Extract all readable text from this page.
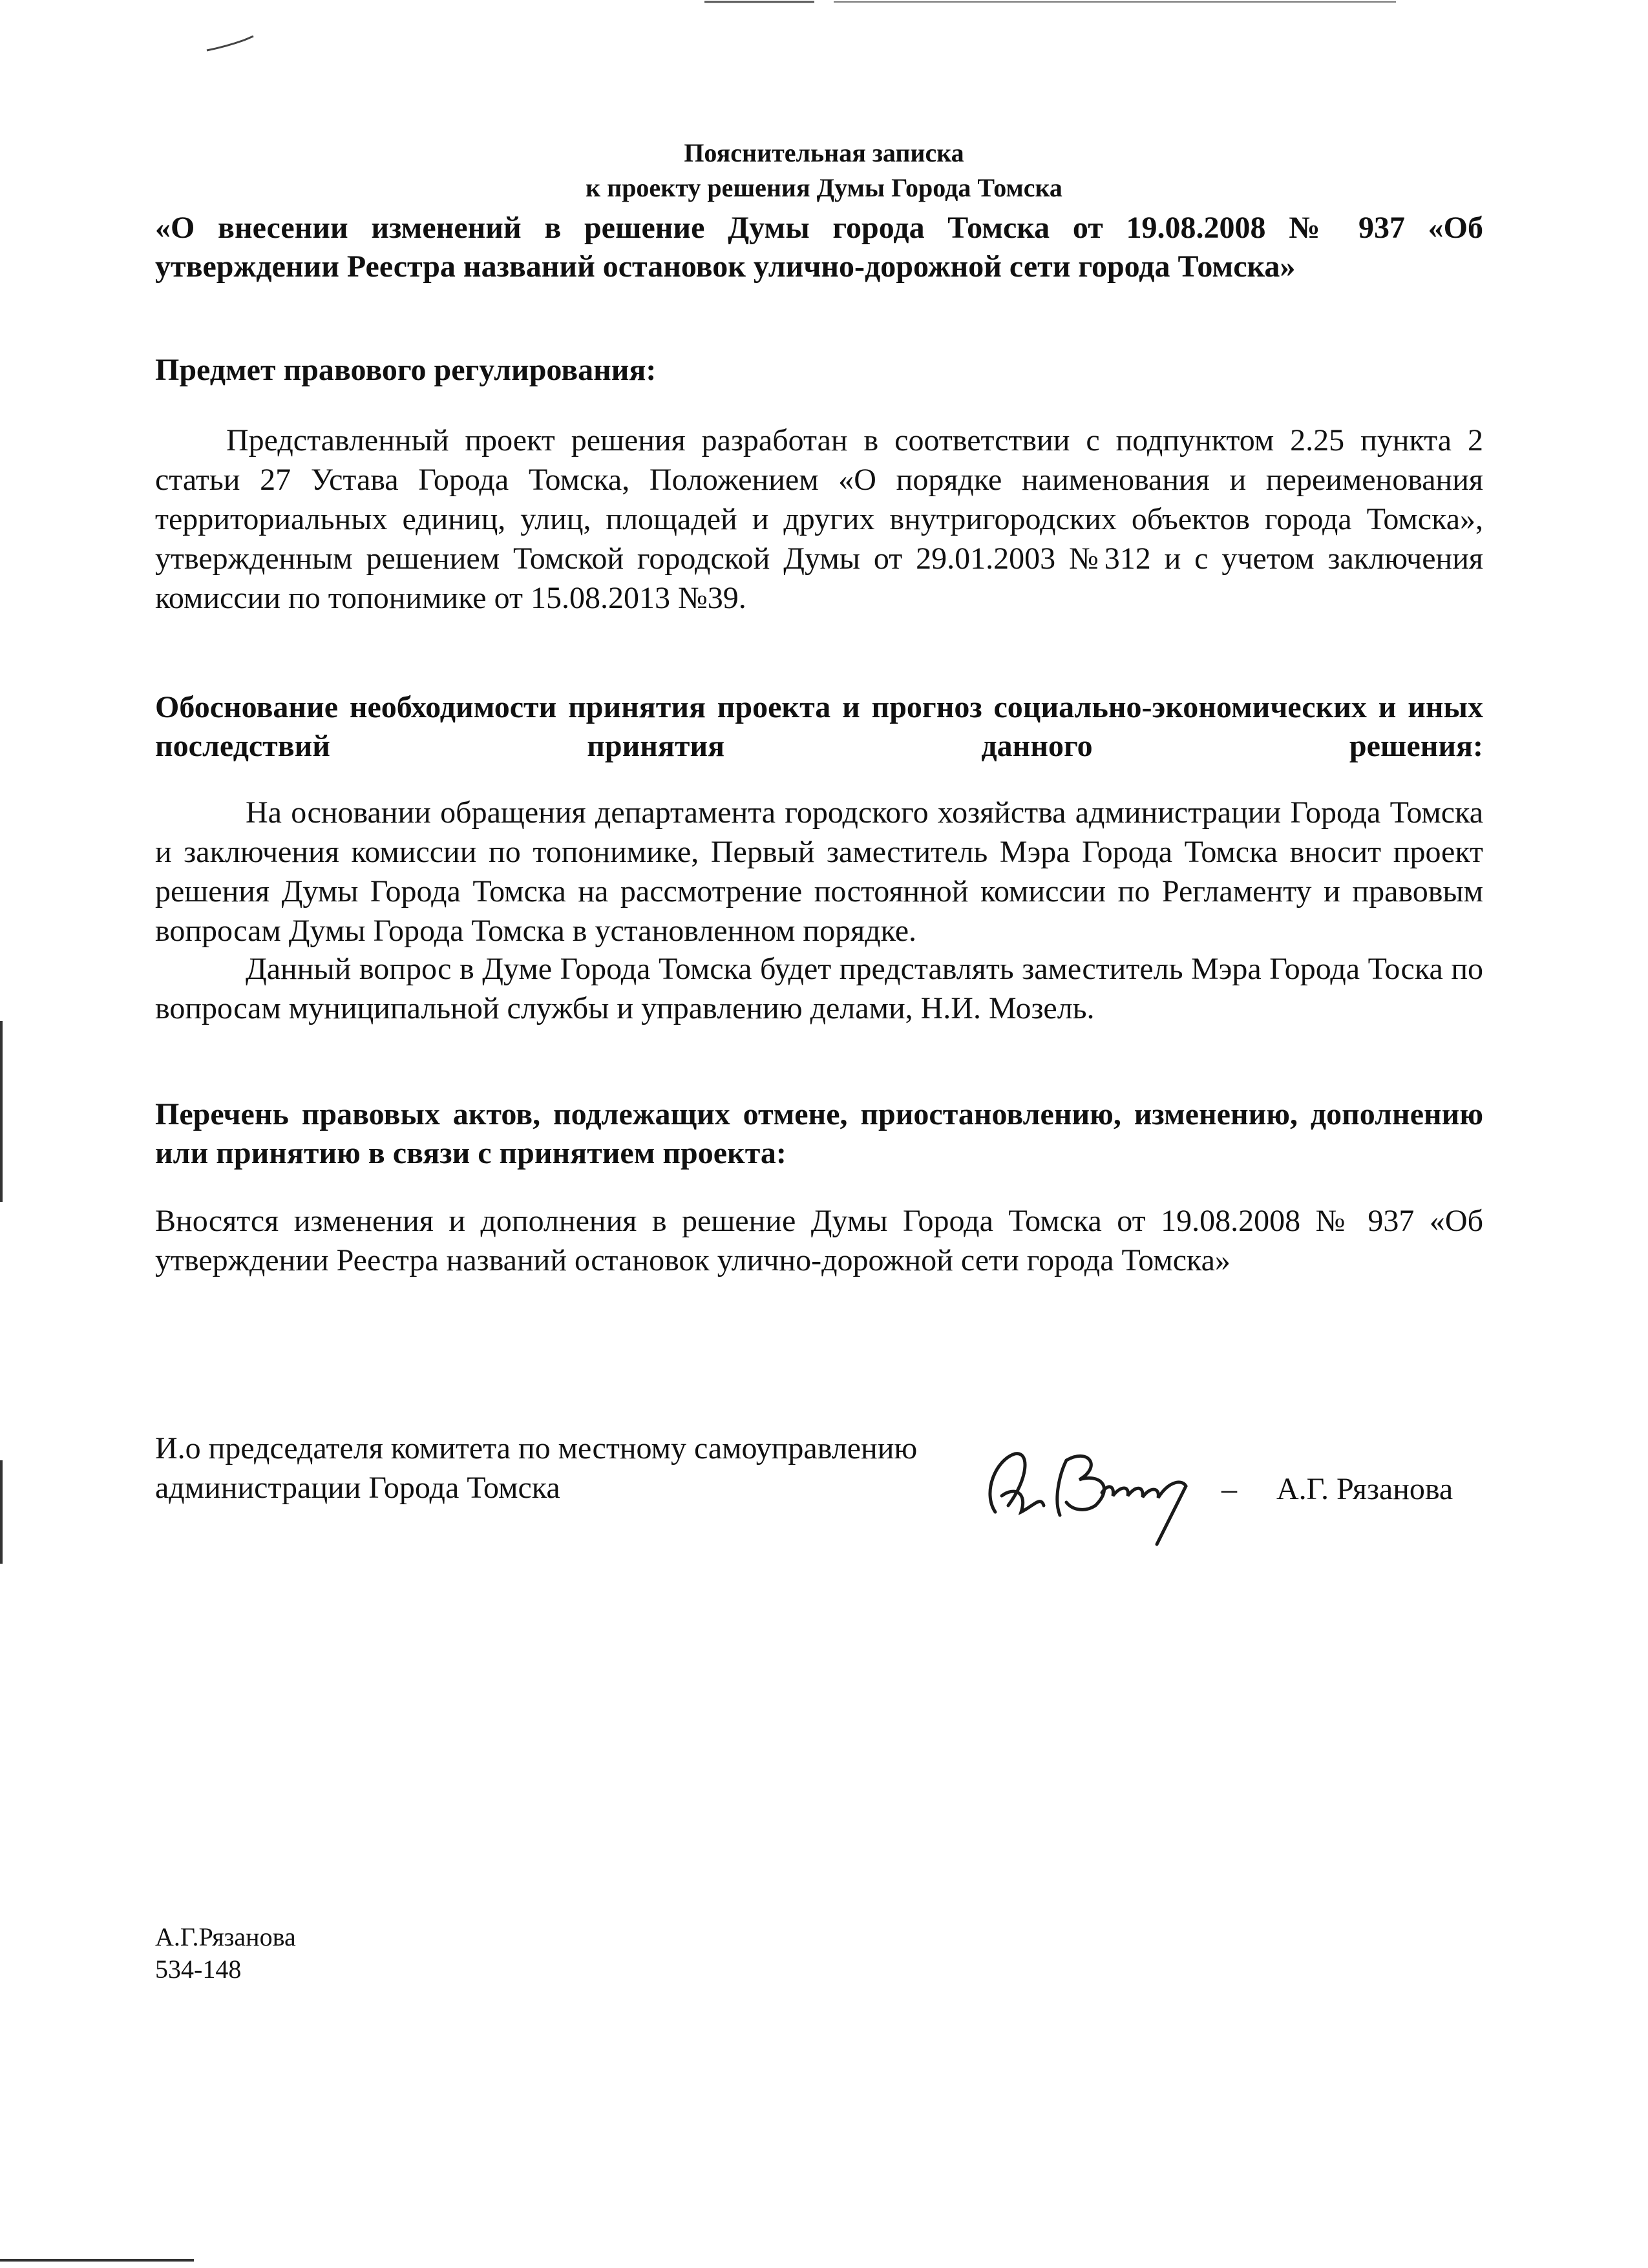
Пояснительная записка
к проекту решения Думы Города Томска
«О внесении изменений в решение Думы города Томска от 19.08.2008 № 937 «Об
утверждении Реестра названий остановок улично-дорожной сети города Томска»
Предмет правового регулирования:

Представленный проект решения разработан в соответствии с подпунктом 2.25 пункта 2 статьи 27 Устава Города Томска, Положением «О порядке наименования и переименования территориальных единиц, улиц, площадей и других внутригородских объектов города Томска», утвержденным решением Томской городской Думы от 29.01.2003 №312 и с учетом заключения комиссии по топонимике от 15.08.2013 №39.

Обоснование необходимости принятия проекта и прогноз социально-экономических и иных последствий принятия данного решения:

На основании обращения департамента городского хозяйства администрации Города Томска и заключения комиссии по топонимике, Первый заместитель Мэра Города Томска вносит проект решения Думы Города Томска на рассмотрение постоянной комиссии по Регламенту и правовым вопросам Думы Города Томска в установленном порядке.

Данный вопрос в Думе Города Томска будет представлять заместитель Мэра Города Тоска по вопросам муниципальной службы и управлению делами, Н.И. Мозель.

Перечень правовых актов, подлежащих отмене, приостановлению, изменению, дополнению или принятию в связи с принятием проекта:

Вносятся изменения и дополнения в решение Думы Города Томска от 19.08.2008 № 937 «Об утверждении Реестра названий остановок улично-дорожной сети города Томска»

И.о председателя комитета по местному самоуправлению
администрации Города Томска	– А.Г. Рязанова
А.Г.Рязанова
534-148
